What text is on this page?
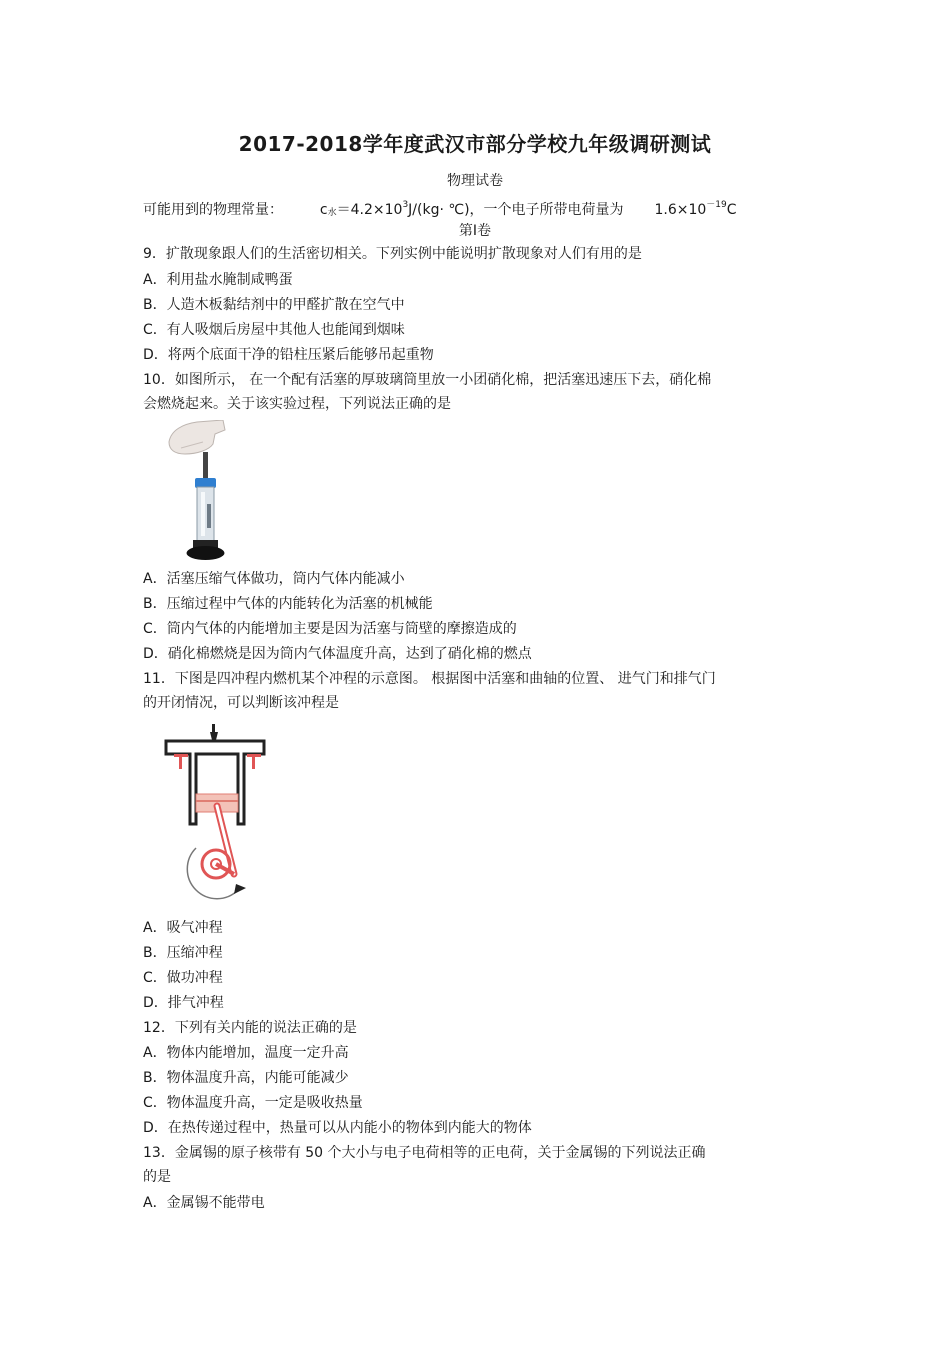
2017-2018学年度武汉市部分学校九年级调研测试
物理试卷
可能用到的物理常量：	c水$=4.2\times 10^3J/(kg\cdot$ ℃)，一个电子所带电荷量为 $1.6\times 10^{-19}C$
第Ⅰ卷
9．扩散现象跟人们的生活密切相关。下列实例中能说明扩散现象对人们有用的是
A．利用盐水腌制咸鸭蛋
B．人造木板黏结剂中的甲醛扩散在空气中
C．有人吸烟后房屋中其他人也能闻到烟味
D．将两个底面干净的铅柱压紧后能够吊起重物
10．如图所示， 在一个配有活塞的厚玻璃筒里放一小团硝化棉，把活塞迅速压下去，硝化棉
会燃烧起来。关于该实验过程，下列说法正确的是
A．活塞压缩气体做功，筒内气体内能减小
B．压缩过程中气体的内能转化为活塞的机械能
C．筒内气体的内能增加主要是因为活塞与筒壁的摩擦造成的
D．硝化棉燃烧是因为筒内气体温度升高，达到了硝化棉的燃点
11．下图是四冲程内燃机某个冲程的示意图。 根据图中活塞和曲轴的位置、 进气门和排气门
的开闭情况，可以判断该冲程是
A．吸气冲程
B．压缩冲程
C．做功冲程
D．排气冲程
12．下列有关内能的说法正确的是
A．物体内能增加，温度一定升高
B．物体温度升高，内能可能减少
C．物体温度升高，一定是吸收热量
D．在热传递过程中，热量可以从内能小的物体到内能大的物体
13．金属锡的原子核带有 50 个大小与电子电荷相等的正电荷，关于金属锡的下列说法正确
的是
A．金属锡不能带电
